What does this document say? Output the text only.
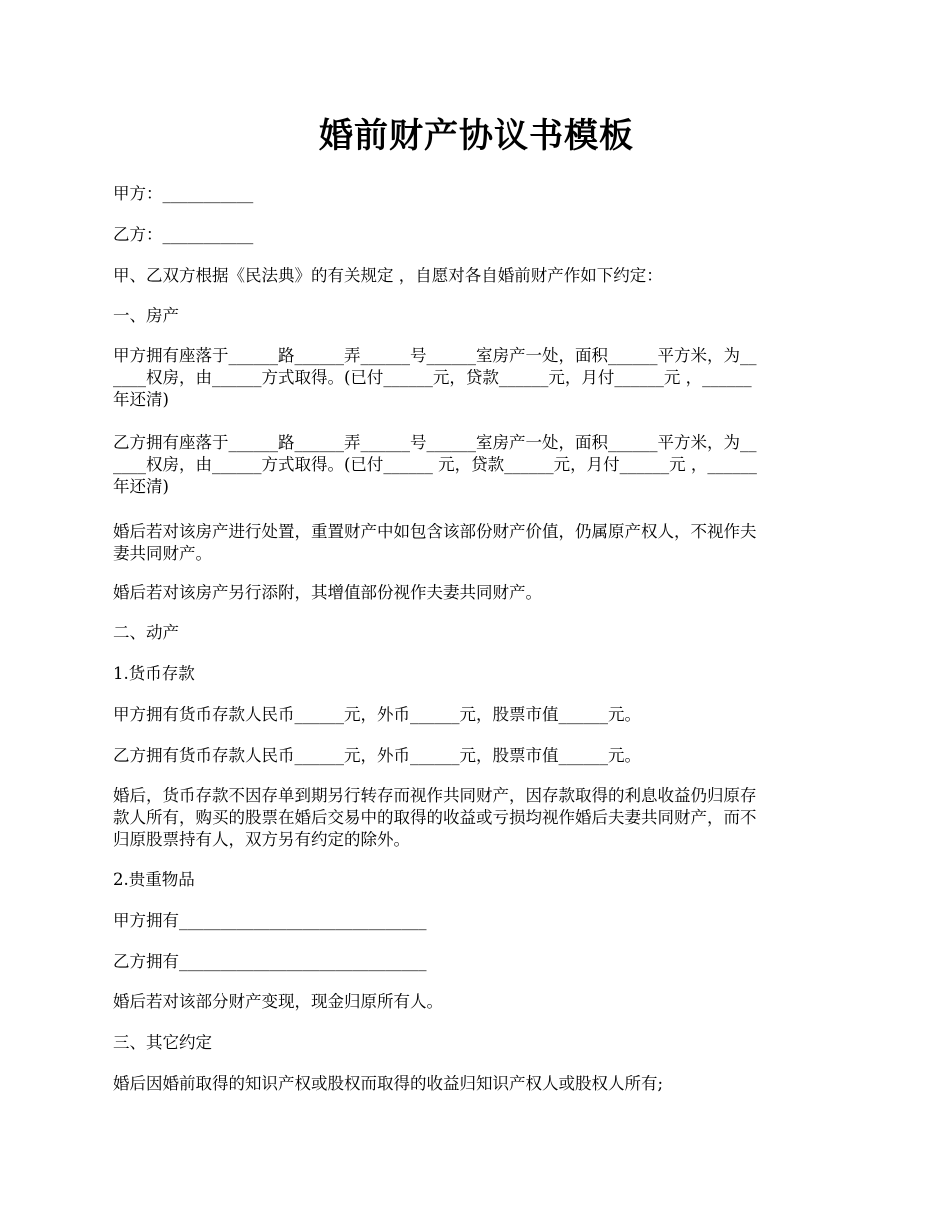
婚前财产协议书模板
甲方：___________
乙方：___________
甲、乙双方根据《民法典》的有关规定 ，自愿对各自婚前财产作如下约定：
一、房产
甲方拥有座落于______路______弄______号______室房产一处，面积______平方米，为__
____权房，由______方式取得。(已付______元，贷款______元，月付______元 ，______
年还清)
乙方拥有座落于______路______弄______号______室房产一处，面积______平方米，为__
____权房，由______方式取得。(已付______ 元，贷款______元，月付______元 ，______
年还清)
婚后若对该房产进行处置，重置财产中如包含该部份财产价值，仍属原产权人，不视作夫
妻共同财产。
婚后若对该房产另行添附，其增值部份视作夫妻共同财产。
二、动产
1.货币存款
甲方拥有货币存款人民币______元，外币______元，股票市值______元。
乙方拥有货币存款人民币______元，外币______元，股票市值______元。
婚后，货币存款不因存单到期另行转存而视作共同财产，因存款取得的利息收益仍归原存
款人所有，购买的股票在婚后交易中的取得的收益或亏损均视作婚后夫妻共同财产，而不
归原股票持有人，双方另有约定的除外。
2.贵重物品
甲方拥有______________________________
乙方拥有______________________________
婚后若对该部分财产变现，现金归原所有人。
三、其它约定
婚后因婚前取得的知识产权或股权而取得的收益归知识产权人或股权人所有;
